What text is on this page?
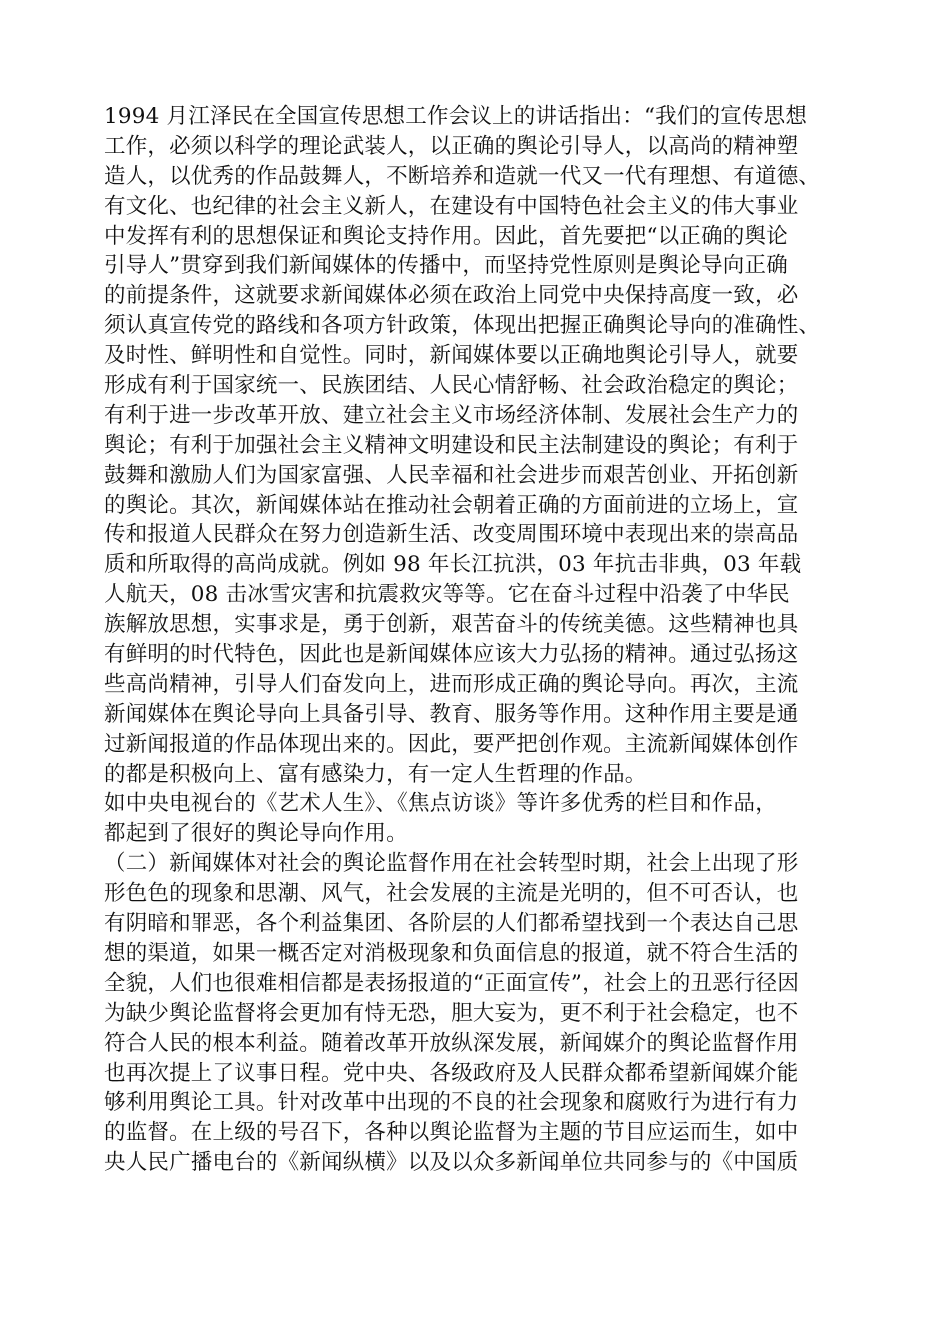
1994 月江泽民在全国宣传思想工作会议上的讲话指出：“我们的宣传思想
工作，必须以科学的理论武装人，以正确的舆论引导人，以高尚的精神塑
造人，以优秀的作品鼓舞人，不断培养和造就一代又一代有理想、有道德、
有文化、也纪律的社会主义新人，在建设有中国特色社会主义的伟大事业
中发挥有利的思想保证和舆论支持作用。因此，首先要把“以正确的舆论
引导人”贯穿到我们新闻媒体的传播中，而坚持党性原则是舆论导向正确
的前提条件，这就要求新闻媒体必须在政治上同党中央保持高度一致，必
须认真宣传党的路线和各项方针政策，体现出把握正确舆论导向的准确性、
及时性、鲜明性和自觉性。同时，新闻媒体要以正确地舆论引导人，就要
形成有利于国家统一、民族团结、人民心情舒畅、社会政治稳定的舆论；
有利于进一步改革开放、建立社会主义市场经济体制、发展社会生产力的
舆论；有利于加强社会主义精神文明建设和民主法制建设的舆论；有利于
鼓舞和激励人们为国家富强、人民幸福和社会进步而艰苦创业、开拓创新
的舆论。其次，新闻媒体站在推动社会朝着正确的方面前进的立场上，宣
传和报道人民群众在努力创造新生活、改变周围环境中表现出来的崇高品
质和所取得的高尚成就。例如 98 年长江抗洪，03 年抗击非典，03 年载
人航天，08 击冰雪灾害和抗震救灾等等。它在奋斗过程中沿袭了中华民
族解放思想，实事求是，勇于创新，艰苦奋斗的传统美德。这些精神也具
有鲜明的时代特色，因此也是新闻媒体应该大力弘扬的精神。通过弘扬这
些高尚精神，引导人们奋发向上，进而形成正确的舆论导向。再次，主流
新闻媒体在舆论导向上具备引导、教育、服务等作用。这种作用主要是通
过新闻报道的作品体现出来的。因此，要严把创作观。主流新闻媒体创作
的都是积极向上、富有感染力，有一定人生哲理的作品。
如中央电视台的《艺术人生》、《焦点访谈》等许多优秀的栏目和作品，
都起到了很好的舆论导向作用。
（二）新闻媒体对社会的舆论监督作用在社会转型时期，社会上出现了形
形色色的现象和思潮、风气，社会发展的主流是光明的，但不可否认，也
有阴暗和罪恶，各个利益集团、各阶层的人们都希望找到一个表达自己思
想的渠道，如果一概否定对消极现象和负面信息的报道，就不符合生活的
全貌，人们也很难相信都是表扬报道的“正面宣传”，社会上的丑恶行径因
为缺少舆论监督将会更加有恃无恐，胆大妄为，更不利于社会稳定，也不
符合人民的根本利益。随着改革开放纵深发展，新闻媒介的舆论监督作用
也再次提上了议事日程。党中央、各级政府及人民群众都希望新闻媒介能
够利用舆论工具。针对改革中出现的不良的社会现象和腐败行为进行有力
的监督。在上级的号召下，各种以舆论监督为主题的节目应运而生，如中
央人民广播电台的《新闻纵横》以及以众多新闻单位共同参与的《中国质
